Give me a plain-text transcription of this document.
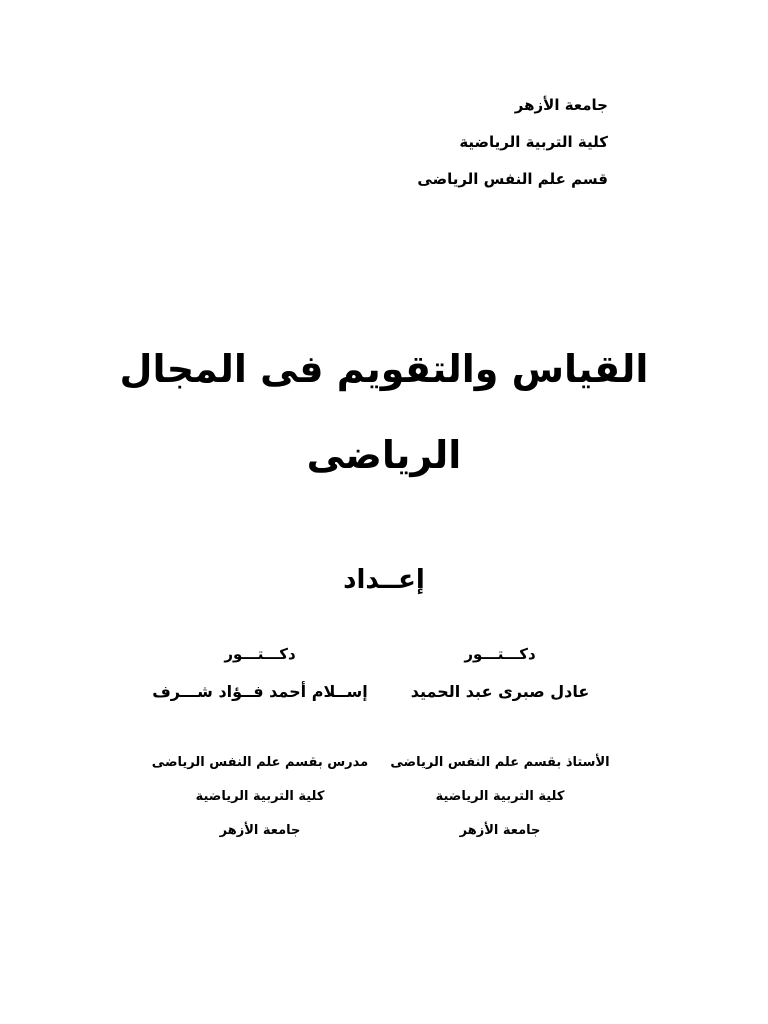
جامعة الأزهر
كلية التربية الرياضية
قسم علم النفس الرياضى
القياس والتقويم فى المجال
الرياضى
إعــداد
دكـــتـــور
عادل صبرى عبد الحميد
دكـــتـــور
إســلام أحمد فــؤاد شـــرف
الأستاذ بقسم علم النفس الرياضى
كلية التربية الرياضية
جامعة الأزهر
مدرس بقسم علم النفس الرياضى
كلية التربية الرياضية
جامعة الأزهر
